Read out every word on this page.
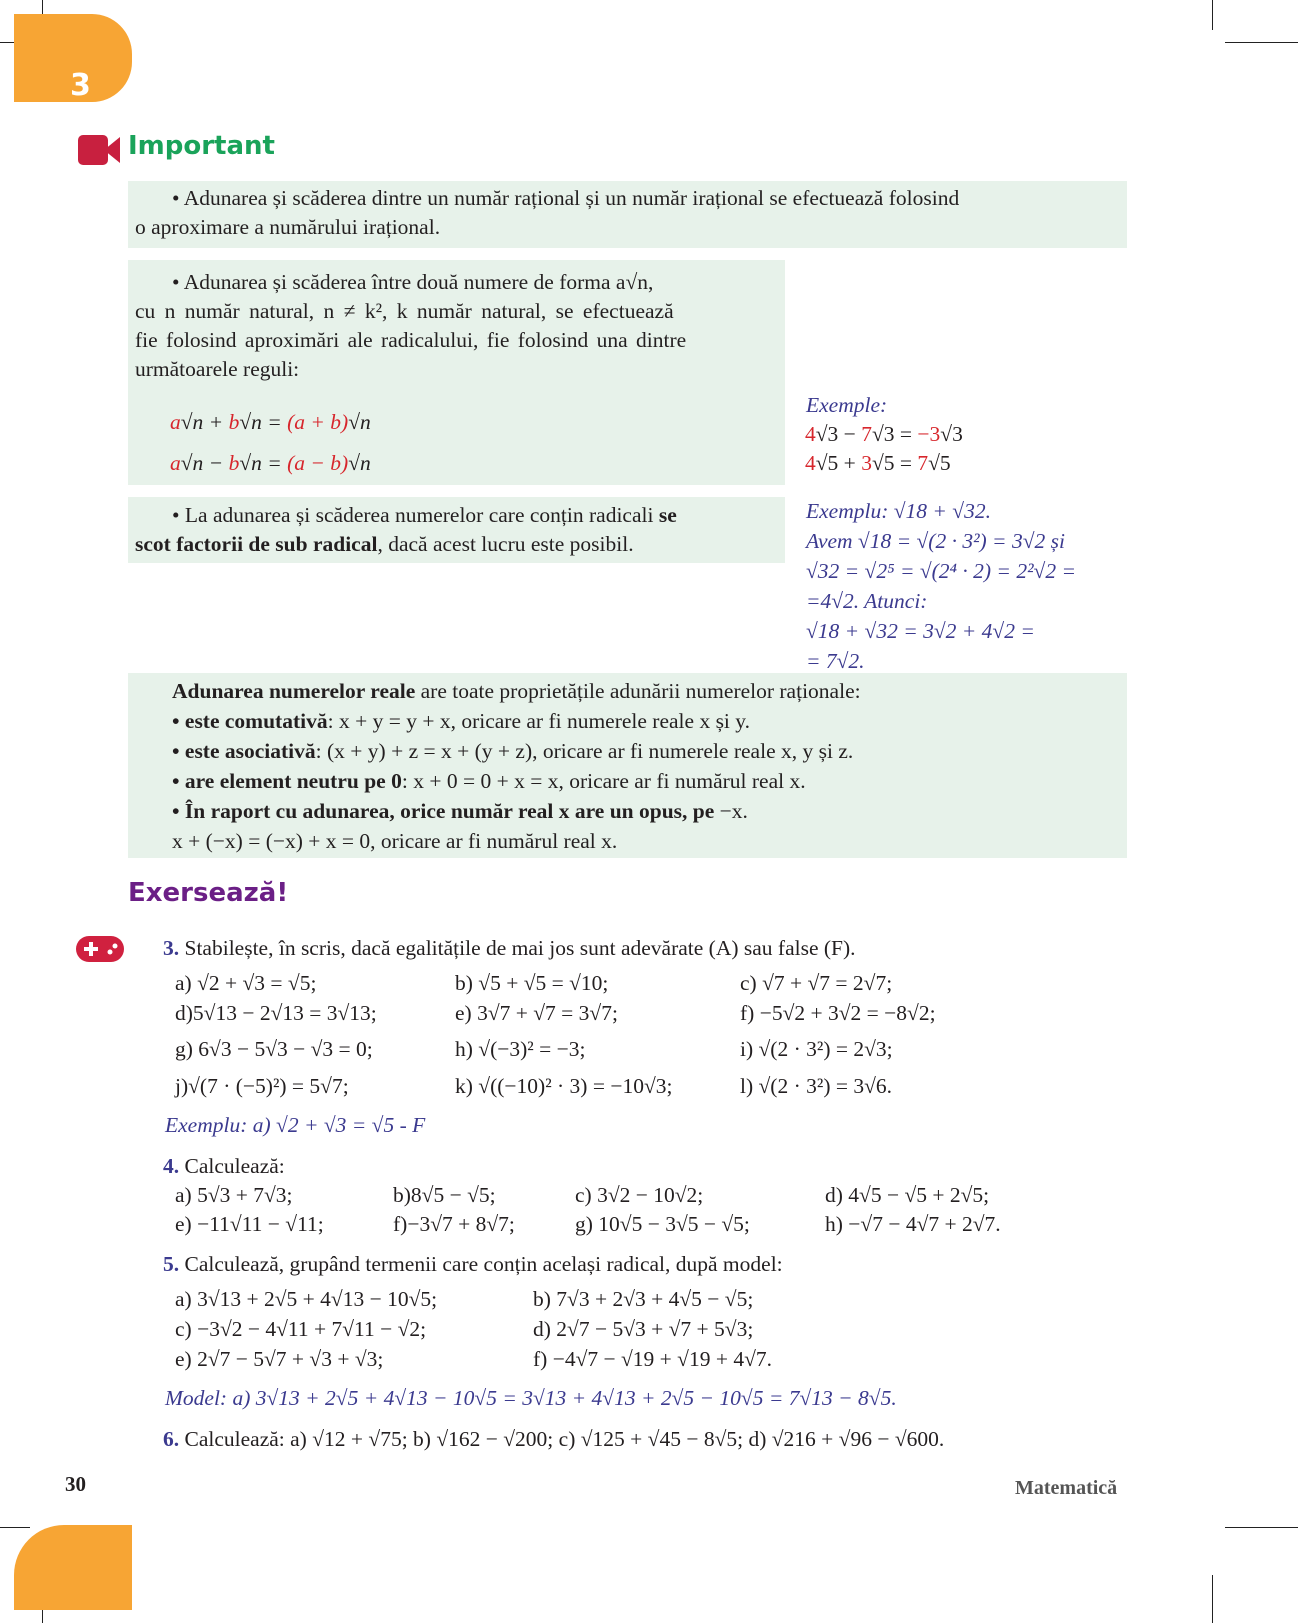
3
Important
• Adunarea și scăderea dintre un număr rațional și un număr irațional se efectuează folosind
o aproximare a numărului irațional.
• Adunarea și scăderea între două numere de forma a√n,
cu n număr natural, n ≠ k², k număr natural, se efectuează
fie folosind aproximări ale radicalului, fie folosind una dintre
următoarele reguli:
a√n + b√n = (a + b)√n
a√n − b√n = (a − b)√n
Exemple:
4√3 − 7√3 = −3√3
4√5 + 3√5 = 7√5
• La adunarea și scăderea numerelor care conțin radicali se
scot factorii de sub radical, dacă acest lucru este posibil.
Exemplu: √18 + √32.
Avem √18 = √(2 · 3²) = 3√2 și
√32 = √2⁵ = √(2⁴ · 2) = 2²√2 =
=4√2. Atunci:
√18 + √32 = 3√2 + 4√2 =
= 7√2.
Adunarea numerelor reale are toate proprietățile adunării numerelor raționale:
• este comutativă: x + y = y + x, oricare ar fi numerele reale x și y.
• este asociativă: (x + y) + z = x + (y + z), oricare ar fi numerele reale x, y și z.
• are element neutru pe 0: x + 0 = 0 + x = x, oricare ar fi numărul real x.
• În raport cu adunarea, orice număr real x are un opus, pe −x.
x + (−x) = (−x) + x = 0, oricare ar fi numărul real x.
Exersează!
3. Stabilește, în scris, dacă egalitățile de mai jos sunt adevărate (A) sau false (F).
Exemplu: a) √2 + √3 = √5 - F
4. Calculează:
5. Calculează, grupând termenii care conțin același radical, după model:
Model: a) 3√13 + 2√5 + 4√13 − 10√5 = 3√13 + 4√13 + 2√5 − 10√5 = 7√13 − 8√5.
6. Calculează: a) √12 + √75; b) √162 − √200; c) √125 + √45 − 8√5; d) √216 + √96 − √600.
30	Matematică
a) √2 + √3 = √5;	b) √5 + √5 = √10;	c) √7 + √7 = 2√7;
d)5√13 − 2√13 = 3√13;	e) 3√7 + √7 = 3√7;	f) −5√2 + 3√2 = −8√2;
g) 6√3 − 5√3 − √3 = 0;	h) √(−3)² = −3;	i) √(2 · 3²) = 2√3;
j)√(7 · (−5)²) = 5√7;	k) √((−10)² · 3) = −10√3;	l) √(2 · 3²) = 3√6.
a) 5√3 + 7√3;	b)8√5 − √5;	c) 3√2 − 10√2;	d) 4√5 − √5 + 2√5;
e) −11√11 − √11;	f)−3√7 + 8√7;	g) 10√5 − 3√5 − √5;	h) −√7 − 4√7 + 2√7.
a) 3√13 + 2√5 + 4√13 − 10√5;	b) 7√3 + 2√3 + 4√5 − √5;
c) −3√2 − 4√11 + 7√11 − √2;	d) 2√7 − 5√3 + √7 + 5√3;
e) 2√7 − 5√7 + √3 + √3;	f) −4√7 − √19 + √19 + 4√7.
